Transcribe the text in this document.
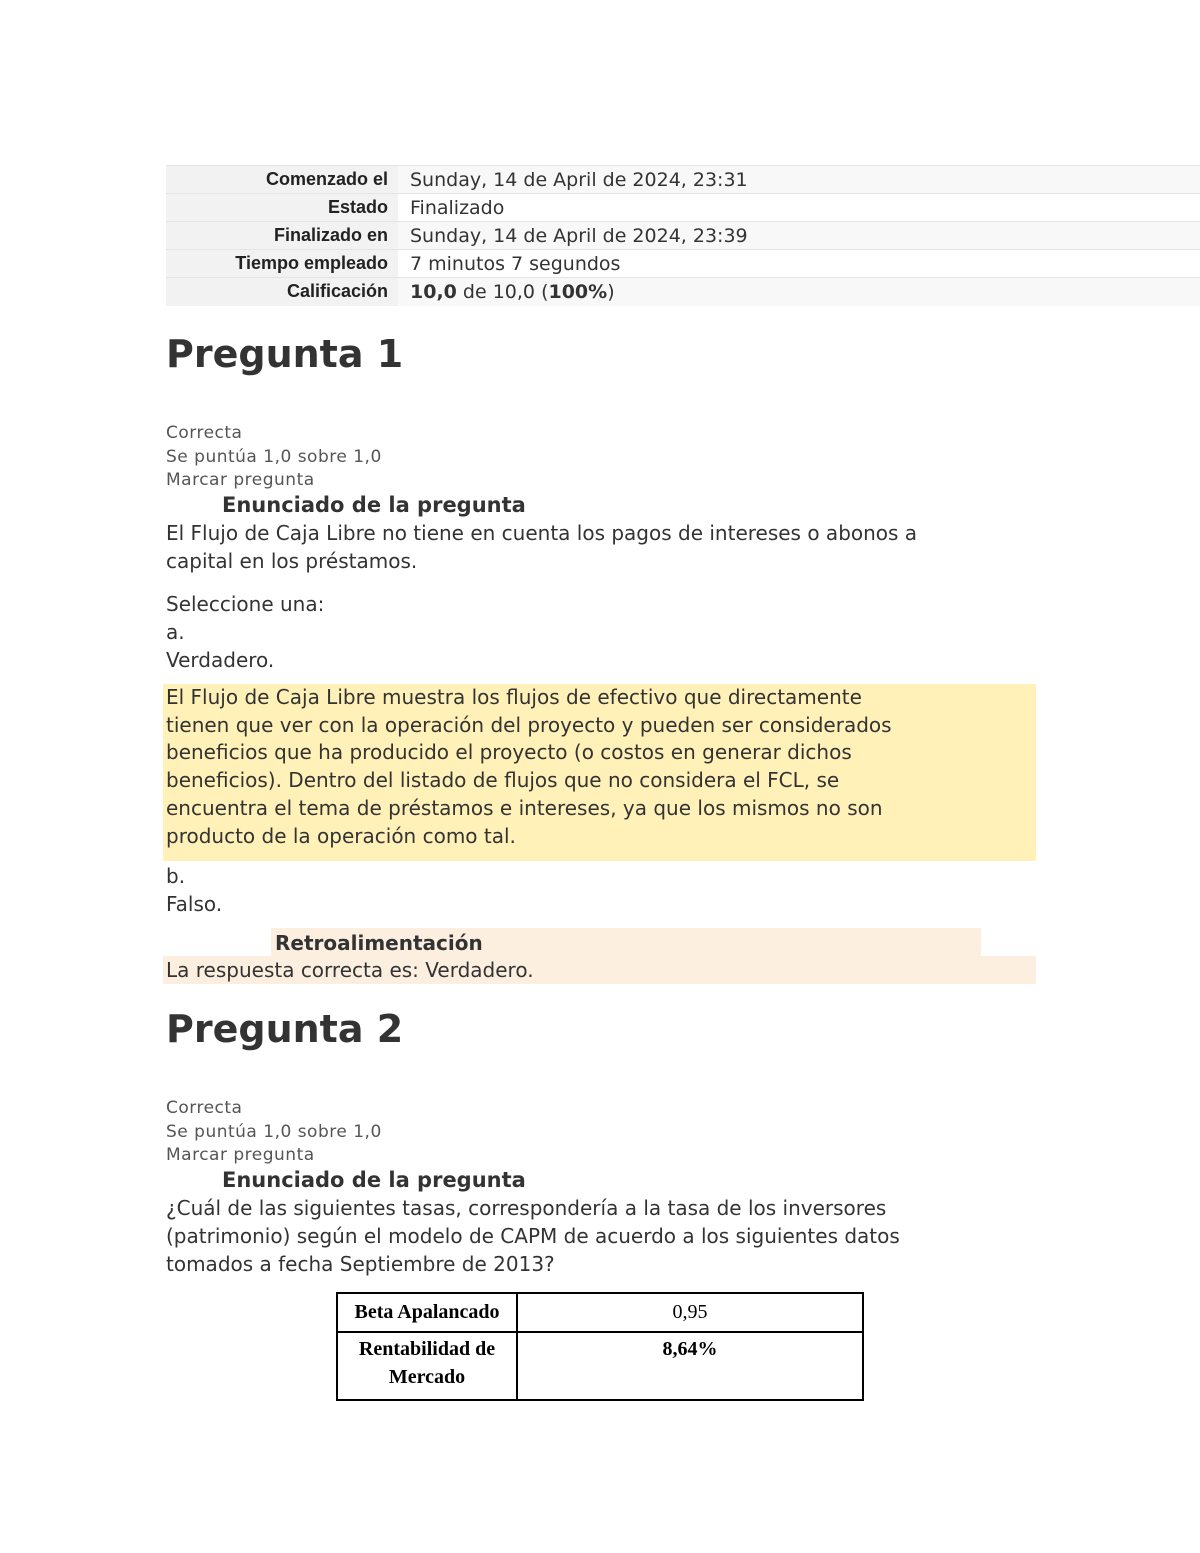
Comenzado el	Sunday, 14 de April de 2024, 23:31
Estado	Finalizado
Finalizado en	Sunday, 14 de April de 2024, 23:39
Tiempo empleado	7 minutos 7 segundos
Calificación	10,0 de 10,0 (100%)
Pregunta 1
Correcta
Se puntúa 1,0 sobre 1,0
Marcar pregunta
Enunciado de la pregunta
El Flujo de Caja Libre no tiene en cuenta los pagos de intereses o abonos a
capital en los préstamos.
Seleccione una:
a.
Verdadero.

El Flujo de Caja Libre muestra los flujos de efectivo que directamente

tienen que ver con la operación del proyecto y pueden ser considerados

beneficios que ha producido el proyecto (o costos en generar dichos

beneficios). Dentro del listado de flujos que no considera el FCL, se

encuentra el tema de préstamos e intereses, ya que los mismos no son

producto de la operación como tal.

b.
Falso.
Retroalimentación
La respuesta correcta es: Verdadero.
Pregunta 2
Correcta
Se puntúa 1,0 sobre 1,0
Marcar pregunta
Enunciado de la pregunta
¿Cuál de las siguientes tasas, correspondería a la tasa de los inversores
(patrimonio) según el modelo de CAPM de acuerdo a los siguientes datos
tomados a fecha Septiembre de 2013?
Beta Apalancado	0,95

Rentabilidad de
Mercado	8,64%
